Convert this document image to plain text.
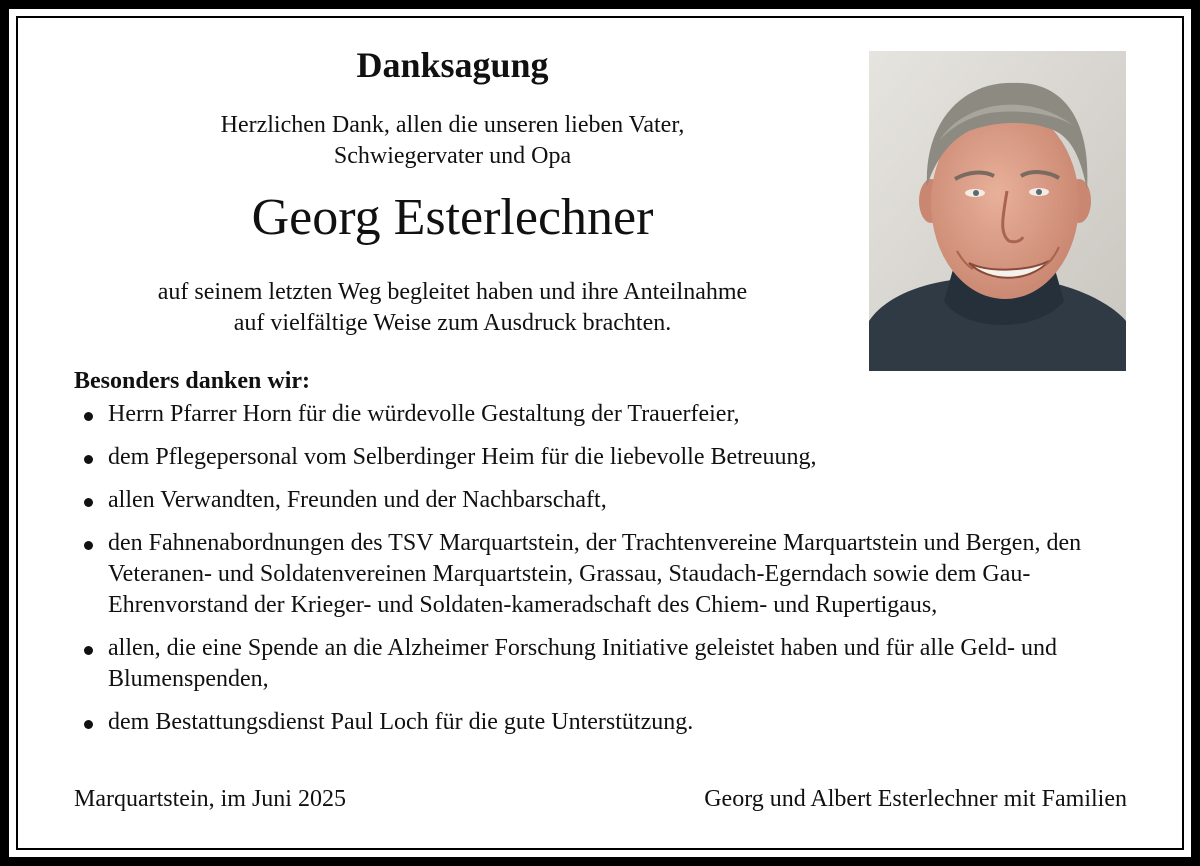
Danksagung
Herzlichen Dank, allen die unseren lieben Vater,
Schwiegervater und Opa
Georg Esterlechner
auf seinem letzten Weg begleitet haben und ihre Anteilnahme
auf vielfältige Weise zum Ausdruck brachten.
Besonders danken wir:
Herrn Pfarrer Horn für die würdevolle Gestaltung der Trauerfeier,
dem Pflegepersonal vom Selberdinger Heim für die liebevolle Betreuung,
allen Verwandten, Freunden und der Nachbarschaft,
den Fahnenabordnungen des TSV Marquartstein, der Trachtenvereine Marquartstein und Bergen, den Veteranen- und Soldatenvereinen Marquartstein, Grassau, Staudach-Egerndach sowie dem Gau-Ehrenvorstand der Krieger- und Soldaten-kameradschaft des Chiem- und Rupertigaus,
allen, die eine Spende an die Alzheimer Forschung Initiative geleistet haben und für alle Geld- und Blumenspenden,
dem Bestattungsdienst Paul Loch für die gute Unterstützung.
Marquartstein, im Juni 2025	Georg und Albert Esterlechner mit Familien
